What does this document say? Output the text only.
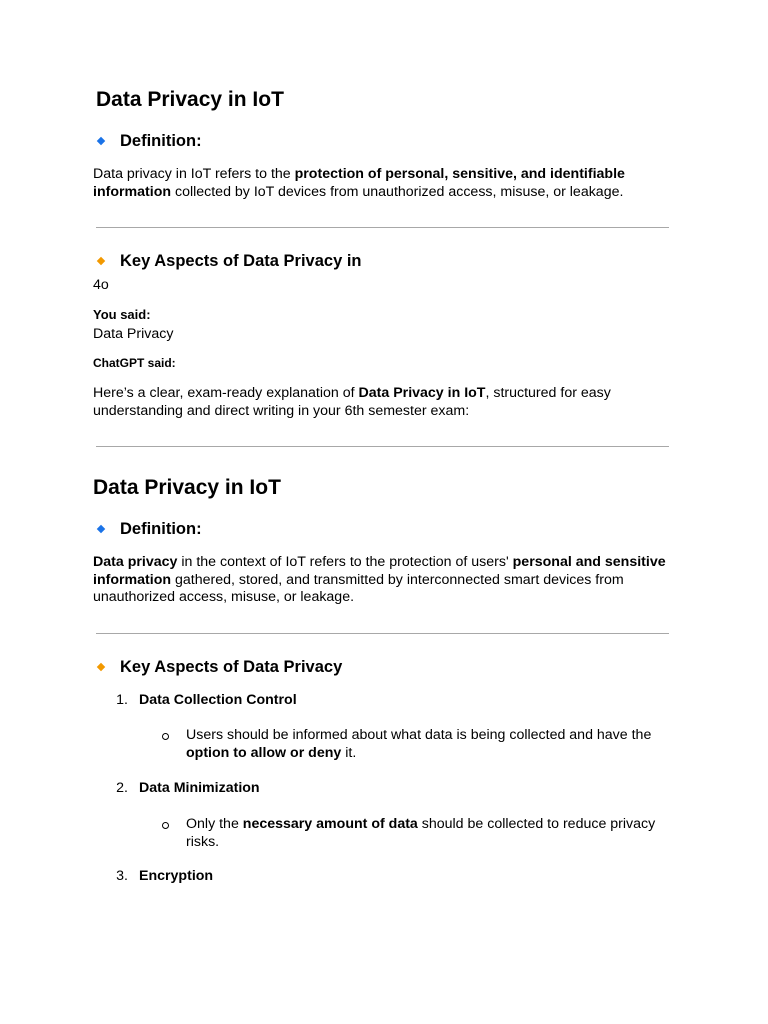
Data Privacy in IoT
Definition:
Data privacy in IoT refers to the protection of personal, sensitive, and identifiable information collected by IoT devices from unauthorized access, misuse, or leakage.
Key Aspects of Data Privacy in
4o
You said:
Data Privacy
ChatGPT said:
Here’s a clear, exam-ready explanation of Data Privacy in IoT, structured for easy understanding and direct writing in your 6th semester exam:
Data Privacy in IoT
Definition:
Data privacy in the context of IoT refers to the protection of users' personal and sensitive information gathered, stored, and transmitted by interconnected smart devices from unauthorized access, misuse, or leakage.
Key Aspects of Data Privacy
1. Data Collection Control
Users should be informed about what data is being collected and have the option to allow or deny it.
2. Data Minimization
Only the necessary amount of data should be collected to reduce privacy risks.
3. Encryption
